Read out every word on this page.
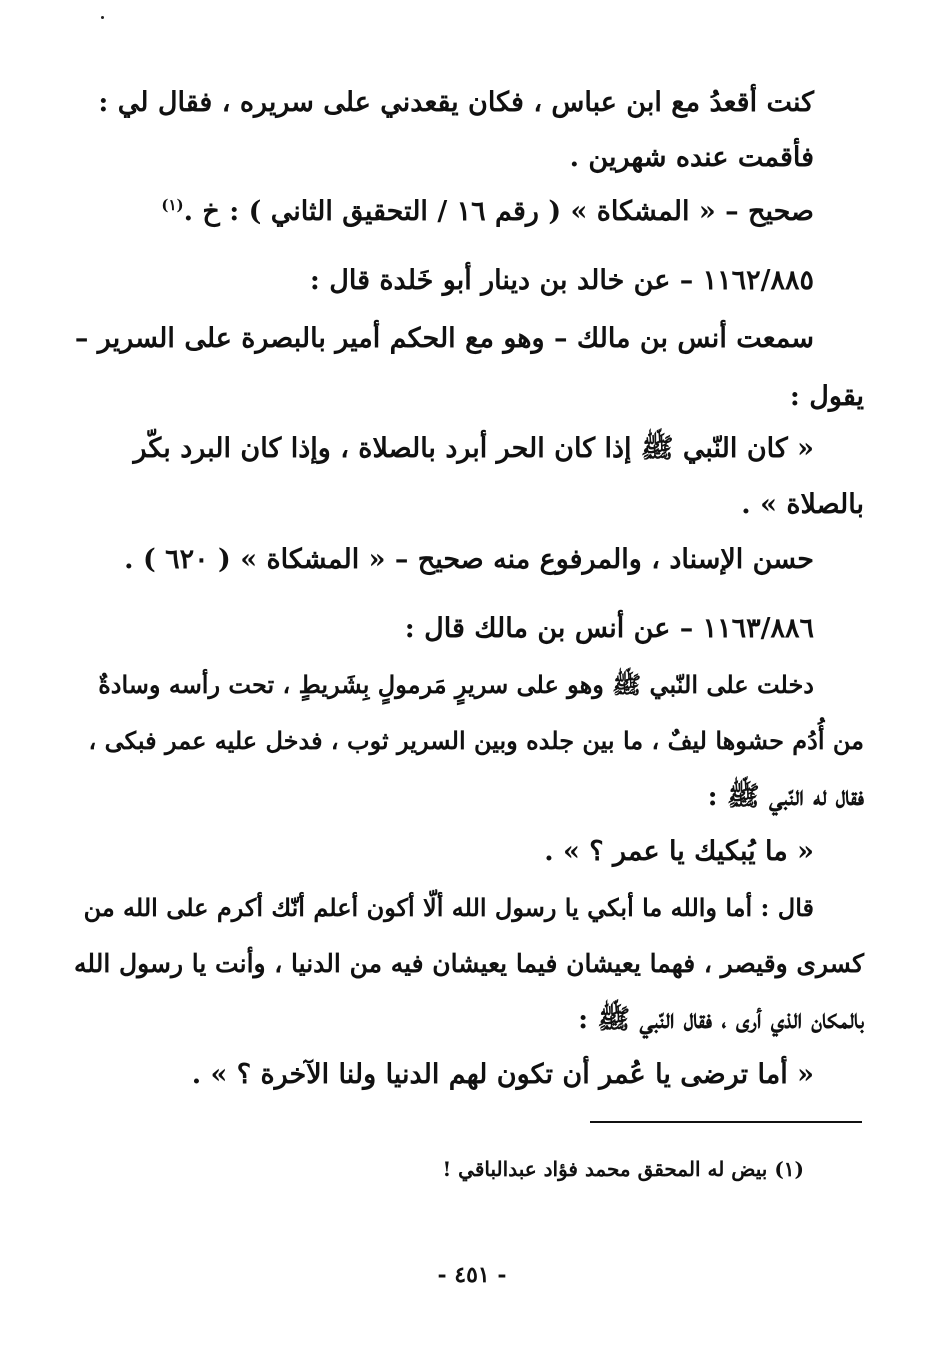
كنت أقعدُ مع ابن عباس ، فكان يقعدني على سريره ، فقال لي :
فأقمت عنده شهرين .
صحيح – « المشكاة » ( رقم ١٦ / التحقيق الثاني ) : خ .$^{(١)}$
١١٦٢/٨٨٥ – عن خالد بن دينار أبو خَلدة قال :
سمعت أنس بن مالك – وهو مع الحكم أمير بالبصرة على السرير –
يقول :
« كان النّبي ﷺ إذا كان الحر أبرد بالصلاة ، وإذا كان البرد بكّر
بالصلاة » .
حسن الإسناد ، والمرفوع منه صحيح – « المشكاة » ( ٦٢٠ ) .
١١٦٣/٨٨٦ – عن أنس بن مالك قال :
دخلت على النّبي ﷺ وهو على سريرٍ مَرمولٍ بِشَريطٍ ، تحت رأسه وسادةٌ
من أُدُم حشوها ليفٌ ، ما بين جلده وبين السرير ثوب ، فدخل عليه عمر فبكى ،
فقال له النّبي ﷺ :
« ما يُبكيك يا عمر ؟ » .
قال : أما والله ما أبكي يا رسول الله ألّا أكون أعلم أنّك أكرم على الله من
كسرى وقيصر ، فهما يعيشان فيما يعيشان فيه من الدنيا ، وأنت يا رسول الله
بالمكان الذي أرى ، فقال النّبي ﷺ :
« أما ترضى يا عُمر أن تكون لهم الدنيا ولنا الآخرة ؟ » .
(١) بيض له المحقق محمد فؤاد عبدالباقي !
- ٤٥١ -
